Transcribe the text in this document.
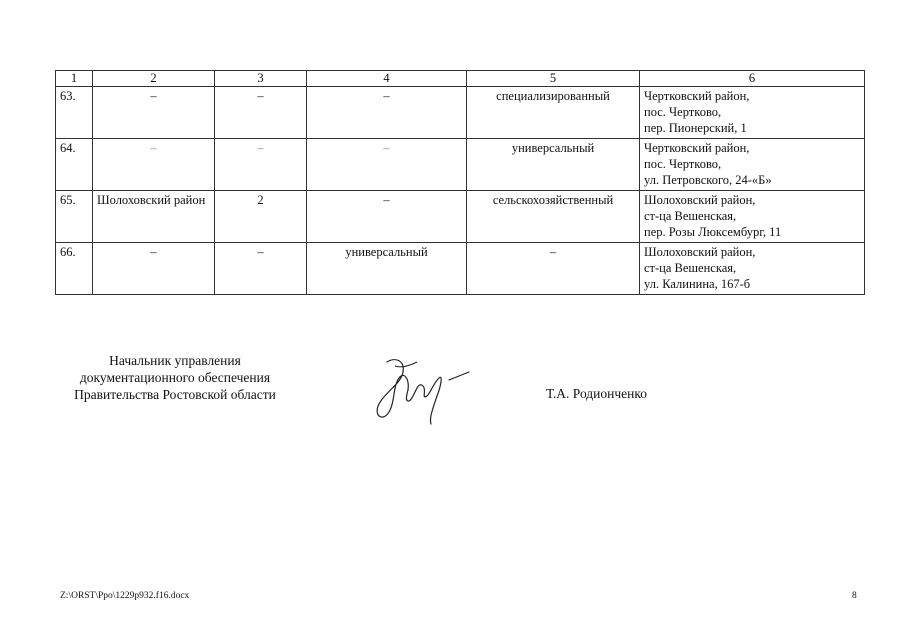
1	2	3	4	5	6
63.	–	–	–	специализированный	Чертковский район,
пос. Чертково,
пер. Пионерский, 1

64.	–	–	–	универсальный	Чертковский район,
пос. Чертково,
ул. Петровского, 24-«Б»

65.	Шолоховский район	2	–	сельскохозяйственный	Шолоховский район,
ст-ца Вешенская,
пер. Розы Люксембург, 11

66.	–	–	универсальный	–	Шолоховский район,
ст-ца Вешенская,
ул. Калинина, 167-б
Начальник управления
документационного обеспечения
Правительства Ростовской области	Т.А. Родионченко
Z:\ORST\Ppo\1229p932.f16.docx	8
